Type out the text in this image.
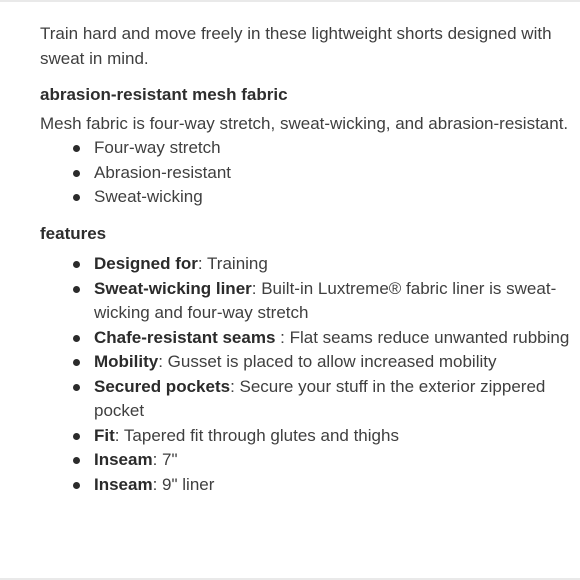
Train hard and move freely in these lightweight shorts designed with sweat in mind.

abrasion-resistant mesh fabric

Mesh fabric is four-way stretch, sweat-wicking, and abrasion-resistant.

Four-way stretch
Abrasion-resistant
Sweat-wicking
features
Designed for: Training
Sweat-wicking liner: Built-in Luxtreme® fabric liner is sweat-wicking and four-way stretch
Chafe-resistant seams : Flat seams reduce unwanted rubbing
Mobility: Gusset is placed to allow increased mobility
Secured pockets: Secure your stuff in the exterior zippered pocket
Fit: Tapered fit through glutes and thighs
Inseam: 7"
Inseam: 9" liner
